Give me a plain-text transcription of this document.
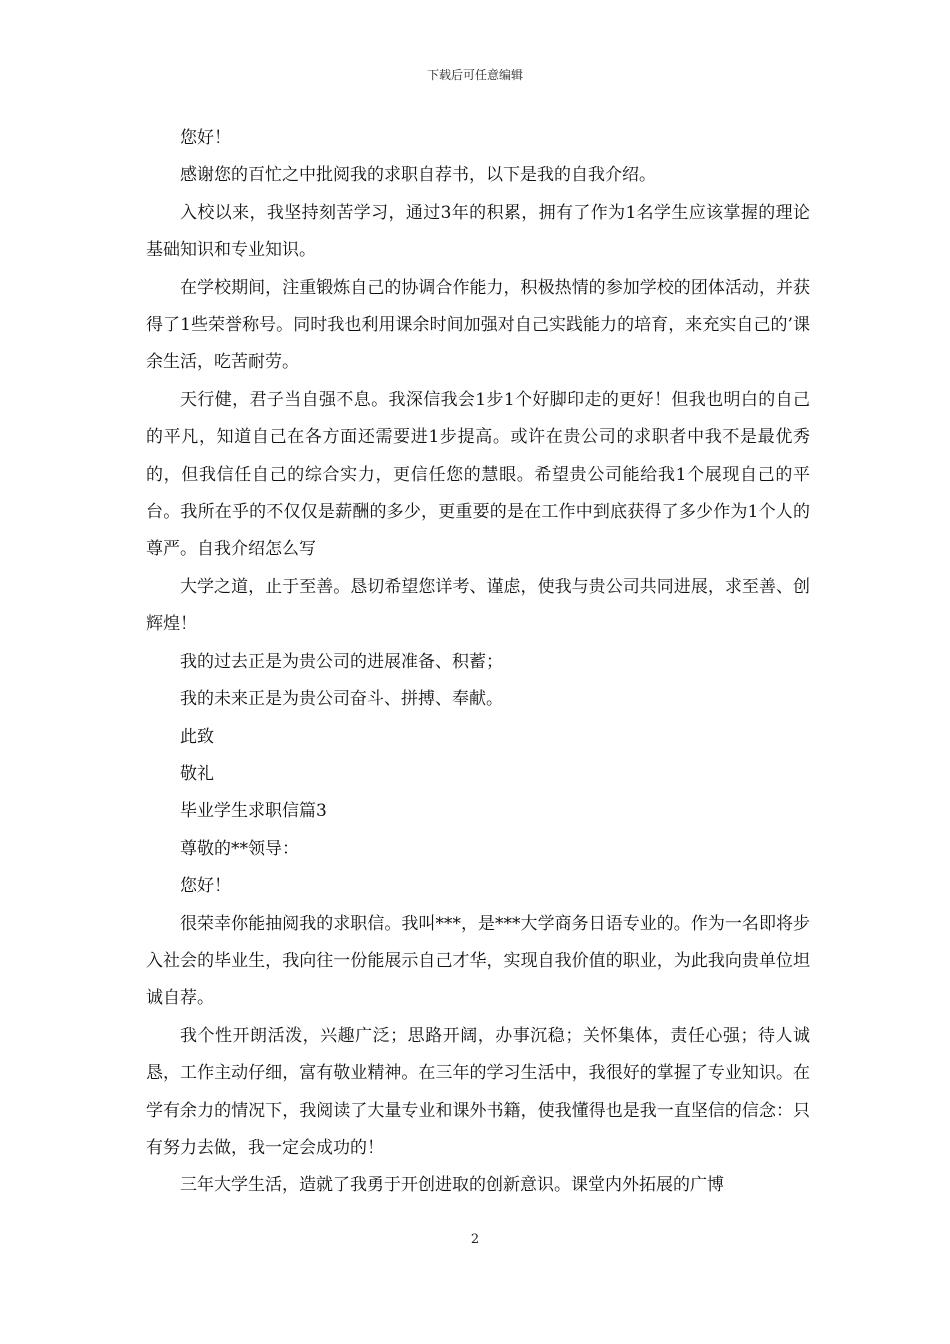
下载后可任意编辑

您好！

感谢您的百忙之中批阅我的求职自荐书，以下是我的自我介绍。

入校以来，我坚持刻苦学习，通过3年的积累，拥有了作为1名学生应该掌握的理论基础知识和专业知识。

在学校期间，注重锻炼自己的协调合作能力，积极热情的参加学校的团体活动，并获得了1些荣誉称号。同时我也利用课余时间加强对自己实践能力的培育，来充实自己的’课余生活，吃苦耐劳。

天行健，君子当自强不息。我深信我会1步1个好脚印走的更好！但我也明白的自己的平凡，知道自己在各方面还需要进1步提高。或许在贵公司的求职者中我不是最优秀的，但我信任自己的综合实力，更信任您的慧眼。希望贵公司能给我1个展现自己的平台。我所在乎的不仅仅是薪酬的多少，更重要的是在工作中到底获得了多少作为1个人的尊严。自我介绍怎么写

大学之道，止于至善。恳切希望您详考、谨虑，使我与贵公司共同进展，求至善、创辉煌！

我的过去正是为贵公司的进展准备、积蓄；

我的未来正是为贵公司奋斗、拼搏、奉献。

此致

敬礼

毕业学生求职信篇3

尊敬的**领导：

您好！

很荣幸你能抽阅我的求职信。我叫***，是***大学商务日语专业的。作为一名即将步入社会的毕业生，我向往一份能展示自己才华，实现自我价值的职业，为此我向贵单位坦诚自荐。

我个性开朗活泼，兴趣广泛；思路开阔，办事沉稳；关怀集体，责任心强；待人诚恳，工作主动仔细，富有敬业精神。在三年的学习生活中，我很好的掌握了专业知识。在学有余力的情况下，我阅读了大量专业和课外书籍，使我懂得也是我一直坚信的信念：只有努力去做，我一定会成功的！

三年大学生活，造就了我勇于开创进取的创新意识。课堂内外拓展的广博

2
